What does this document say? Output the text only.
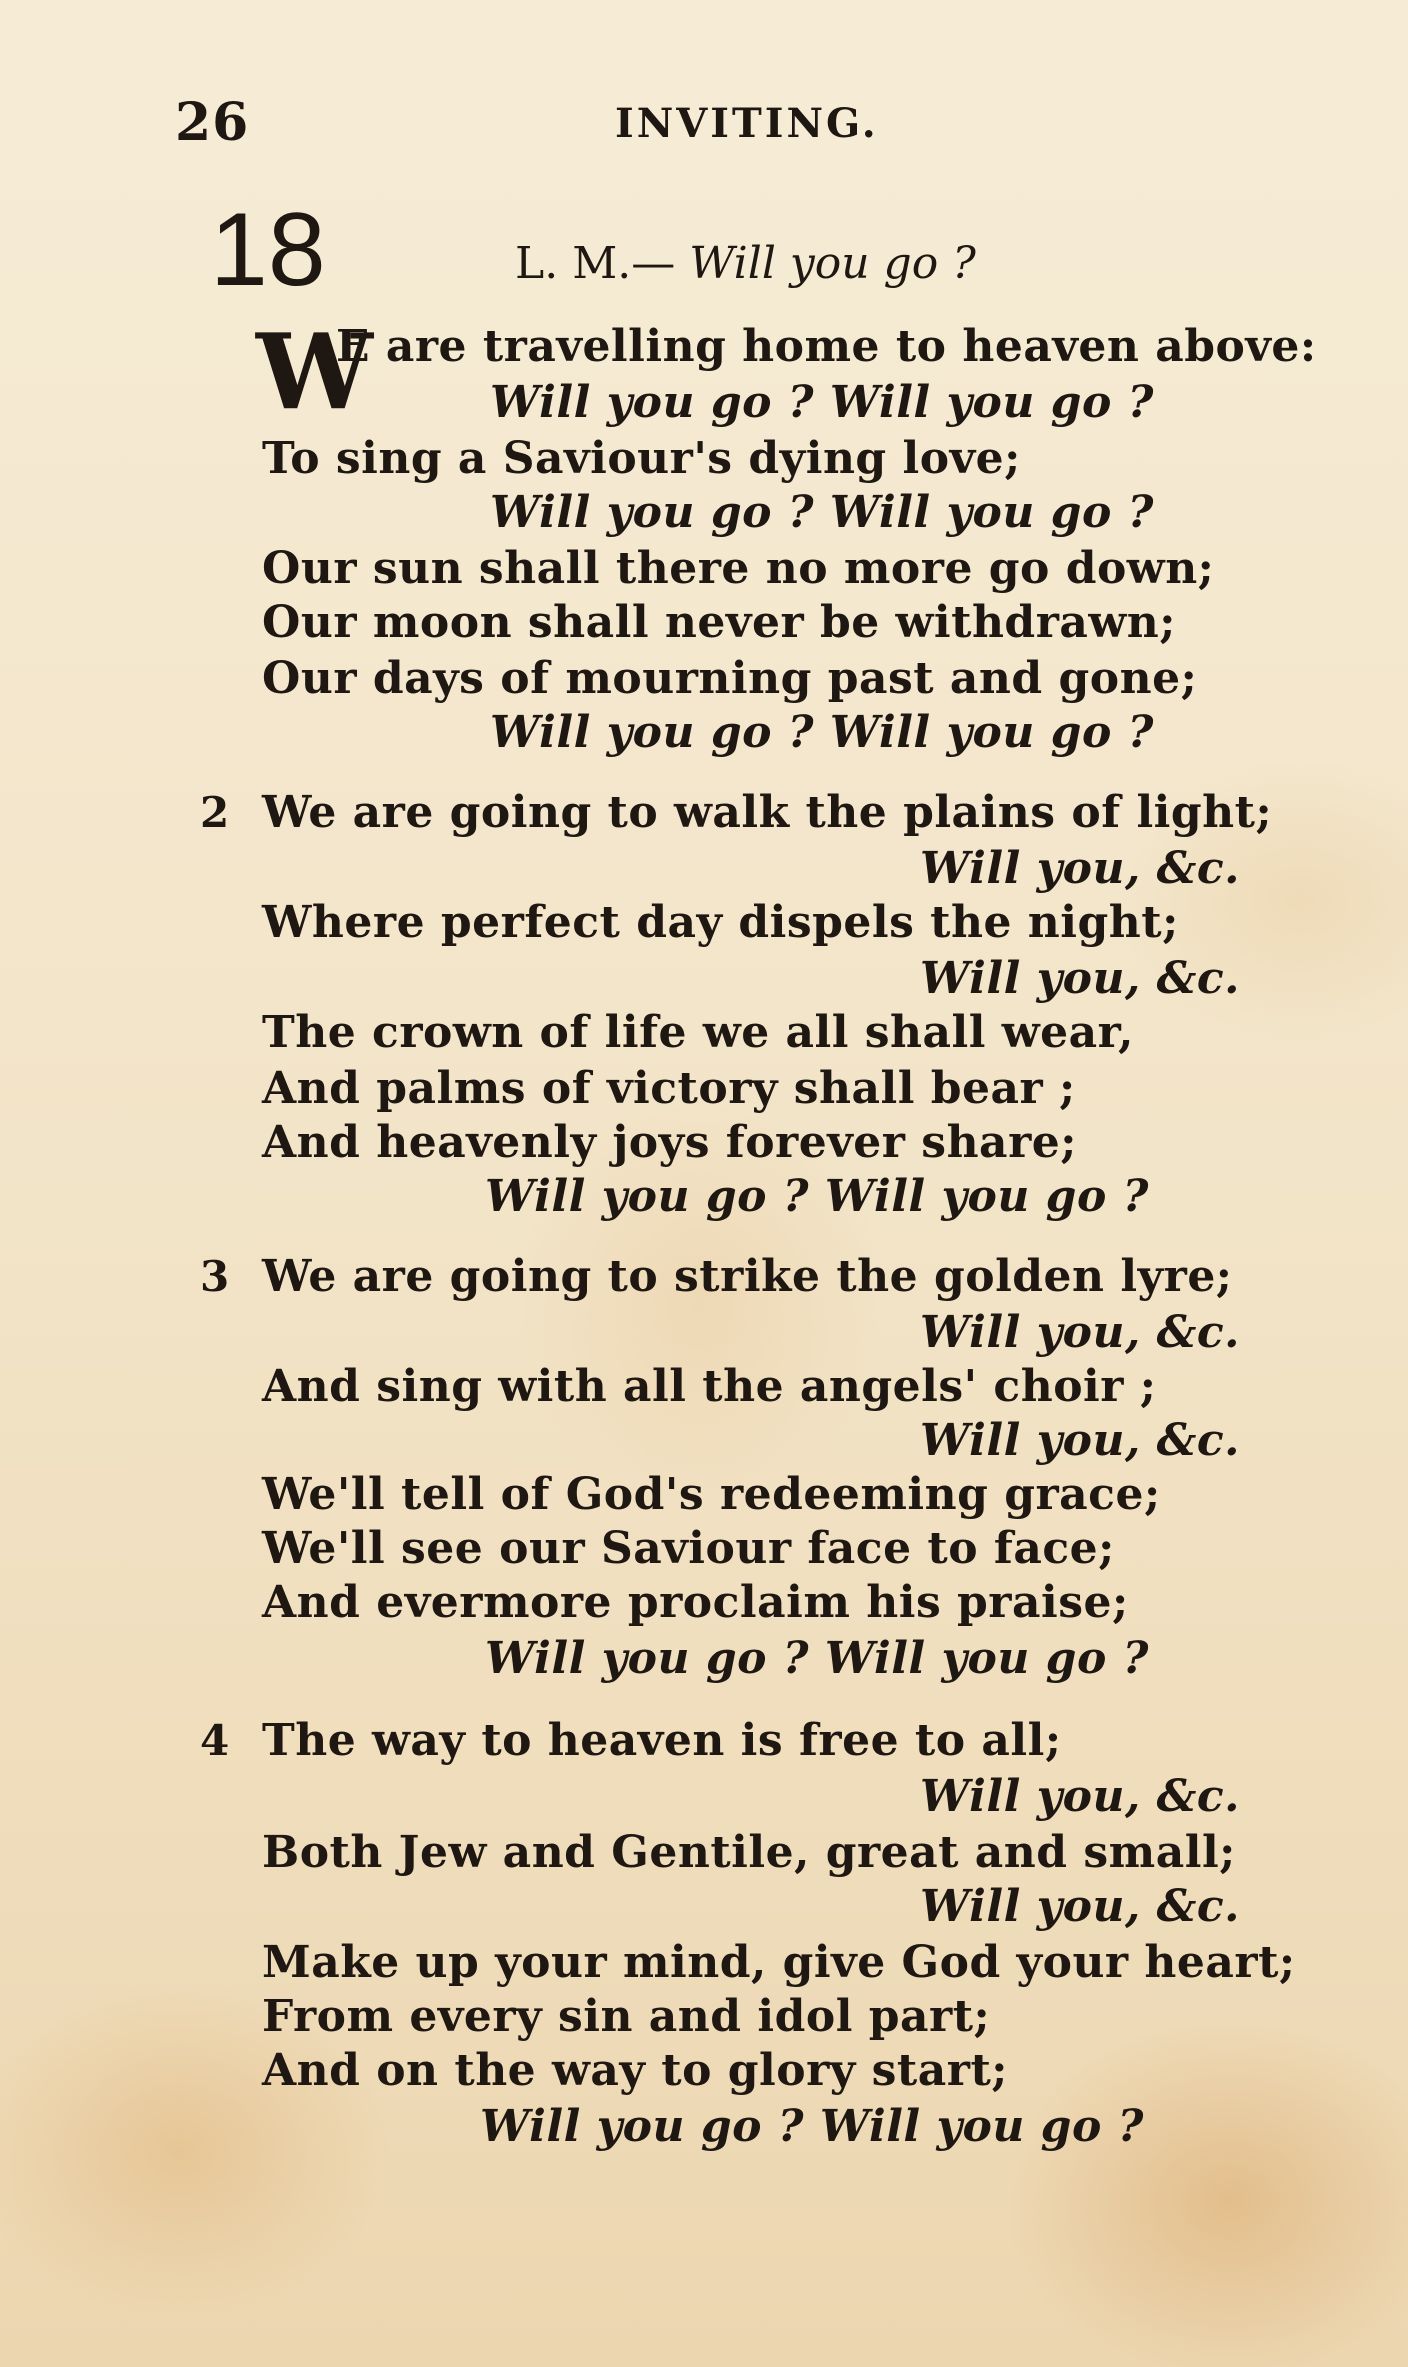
26	INVITING.
18	L. M.— Will you go ?
W
E are travelling home to heaven above:
Will you go ? Will you go ?
To sing a Saviour's dying love;
Will you go ? Will you go ?
Our sun shall there no more go down;
Our moon shall never be withdrawn;
Our days of mourning past and gone;
Will you go ? Will you go ?
2 We are going to walk the plains of light;
Will you, &c.
Where perfect day dispels the night;
Will you, &c.
The crown of life we all shall wear,
And palms of victory shall bear ;
And heavenly joys forever share;
Will you go ? Will you go ?
3 We are going to strike the golden lyre;
Will you, &c.
And sing with all the angels' choir ;
Will you, &c.
We'll tell of God's redeeming grace;
We'll see our Saviour face to face;
And evermore proclaim his praise;
Will you go ? Will you go ?
4 The way to heaven is free to all;
Will you, &c.
Both Jew and Gentile, great and small;
Will you, &c.
Make up your mind, give God your heart;
From every sin and idol part;
And on the way to glory start;
Will you go ? Will you go ?
